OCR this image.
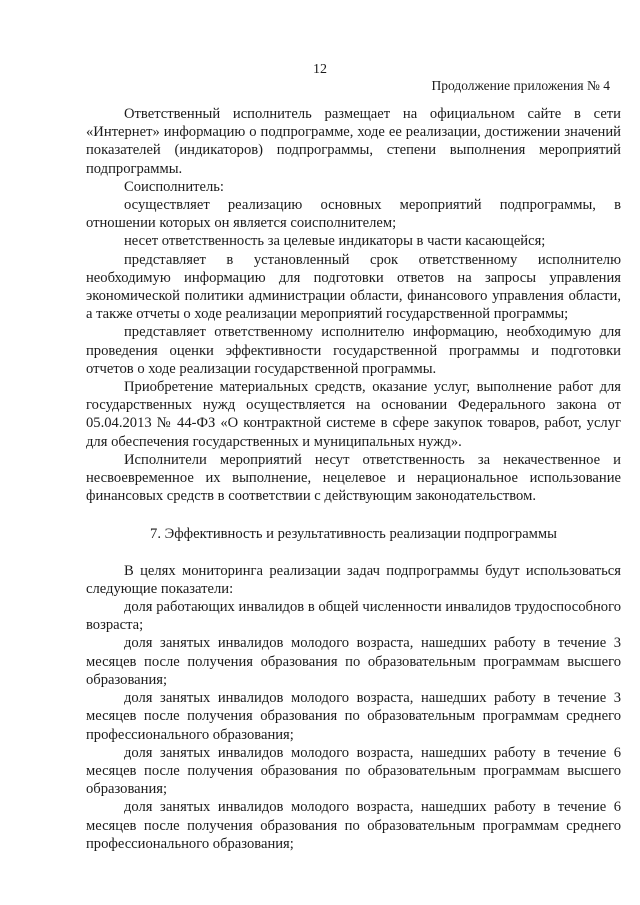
12
Продолжение приложения № 4

Ответственный исполнитель размещает на официальном сайте в сети «Интернет» информацию о подпрограмме, ходе ее реализации, достижении значений показателей (индикаторов) подпрограммы, степени выполнения мероприятий подпрограммы.

Соисполнитель:

осуществляет реализацию основных мероприятий подпрограммы, в отношении которых он является соисполнителем;

несет ответственность за целевые индикаторы в части касающейся;

представляет в установленный срок ответственному исполнителю необходимую информацию для подготовки ответов на запросы управления экономической политики администрации области, финансового управления области, а также отчеты о ходе реализации мероприятий государственной программы;

представляет ответственному исполнителю информацию, необходимую для проведения оценки эффективности государственной программы и подготовки отчетов о ходе реализации государственной программы.

Приобретение материальных средств, оказание услуг, выполнение работ для государственных нужд осуществляется на основании Федерального закона от 05.04.2013 № 44-ФЗ «О контрактной системе в сфере закупок товаров, работ, услуг для обеспечения государственных и муниципальных нужд».

Исполнители мероприятий несут ответственность за некачественное и несвоевременное их выполнение, нецелевое и нерациональное использование финансовых средств в соответствии с действующим законодательством.

7. Эффективность и результативность реализации подпрограммы

В целях мониторинга реализации задач подпрограммы будут использоваться следующие показатели:

доля работающих инвалидов в общей численности инвалидов трудоспособного возраста;

доля занятых инвалидов молодого возраста, нашедших работу в течение 3 месяцев после получения образования по образовательным программам высшего образования;

доля занятых инвалидов молодого возраста, нашедших работу в течение 3 месяцев после получения образования по образовательным программам среднего профессионального образования;

доля занятых инвалидов молодого возраста, нашедших работу в течение 6 месяцев после получения образования по образовательным программам высшего образования;

доля занятых инвалидов молодого возраста, нашедших работу в течение 6 месяцев после получения образования по образовательным программам среднего профессионального образования;
